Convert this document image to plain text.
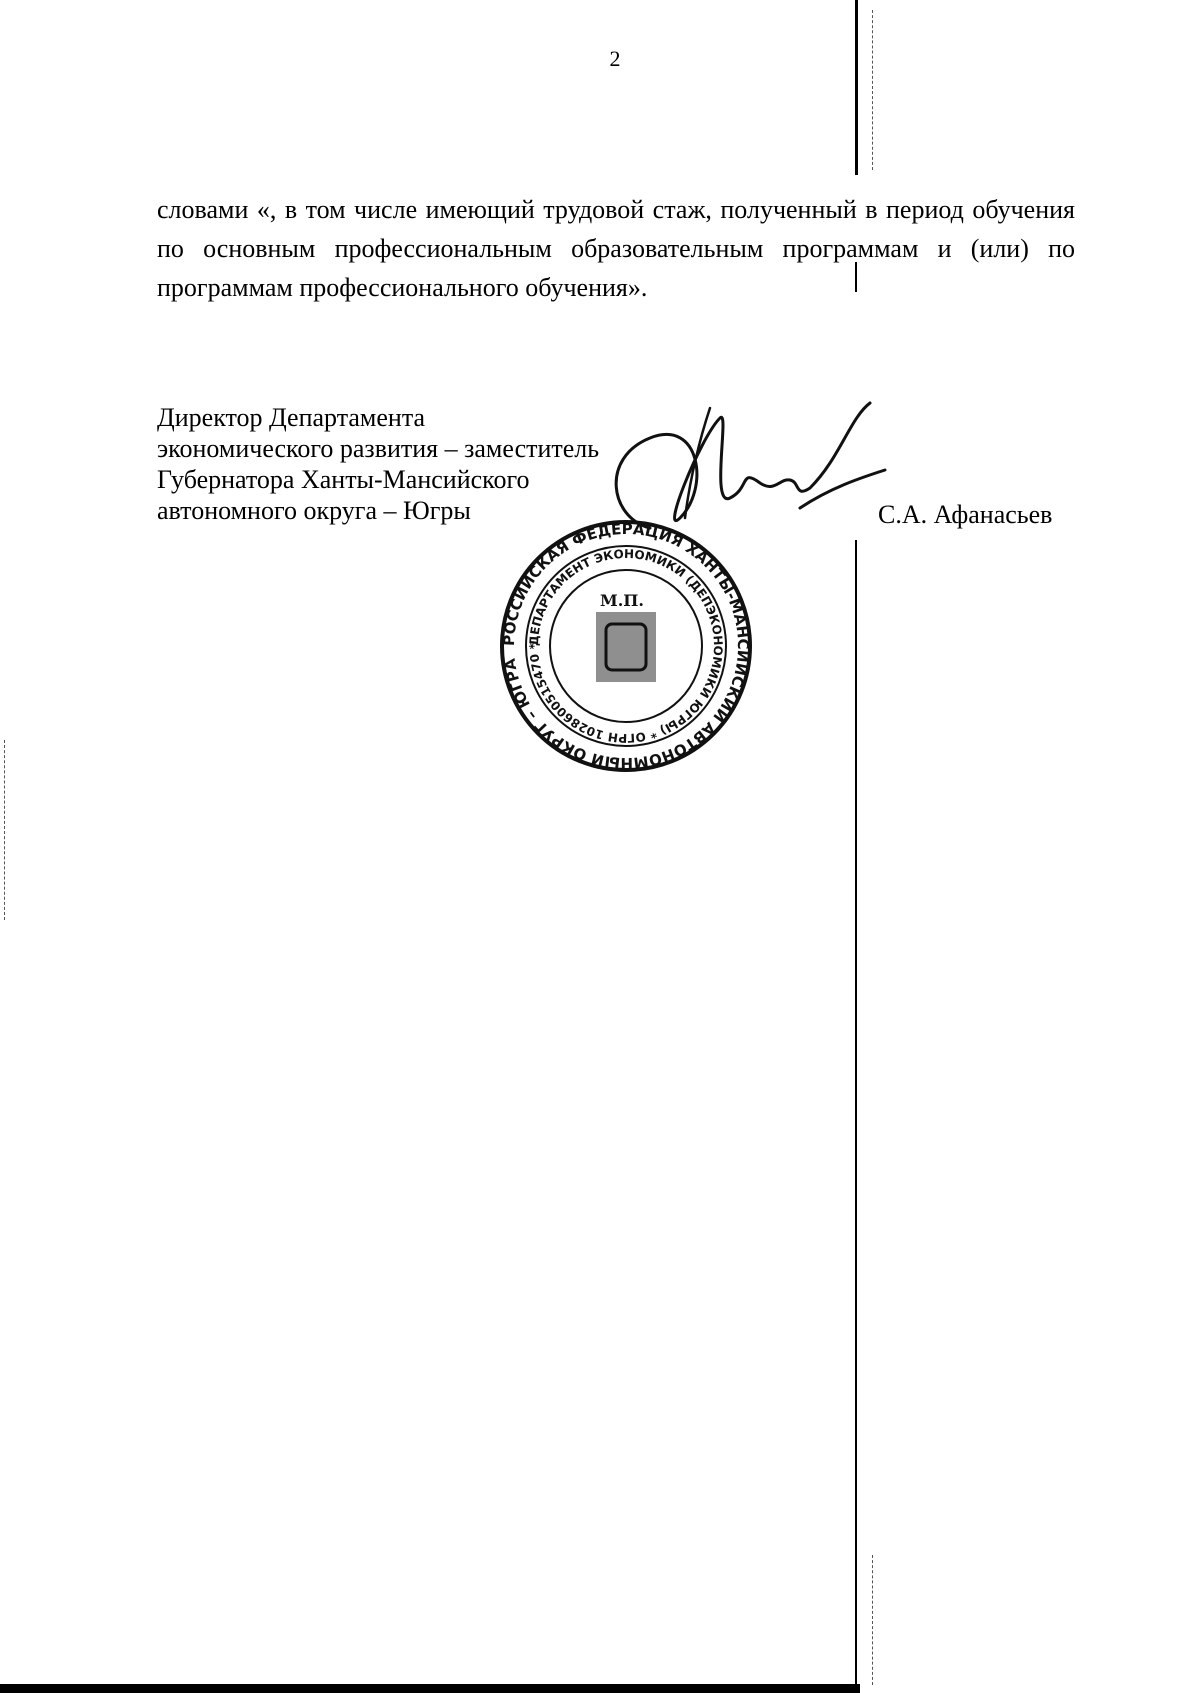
2

словами «, в том числе имеющий трудовой стаж, полученный в период обучения по основным профессиональным образовательным программам и (или) по программам профессионального обучения».

Директор Департамента
экономического развития – заместитель
Губернатора Ханты-Мансийского
автономного округа – Югры	С.А. Афанасьев
РОССИЙСКАЯ ФЕДЕРАЦИЯ ХАНТЫ-МАНСИЙСКИЙ АВТОНОМНЫЙ ОКРУГ – ЮГРА
ДЕПАРТАМЕНТ ЭКОНОМИКИ (ДЕПЭКОНОМИКИ ЮГРЫ) * ОГРН 1028600515470 *
М.П.
